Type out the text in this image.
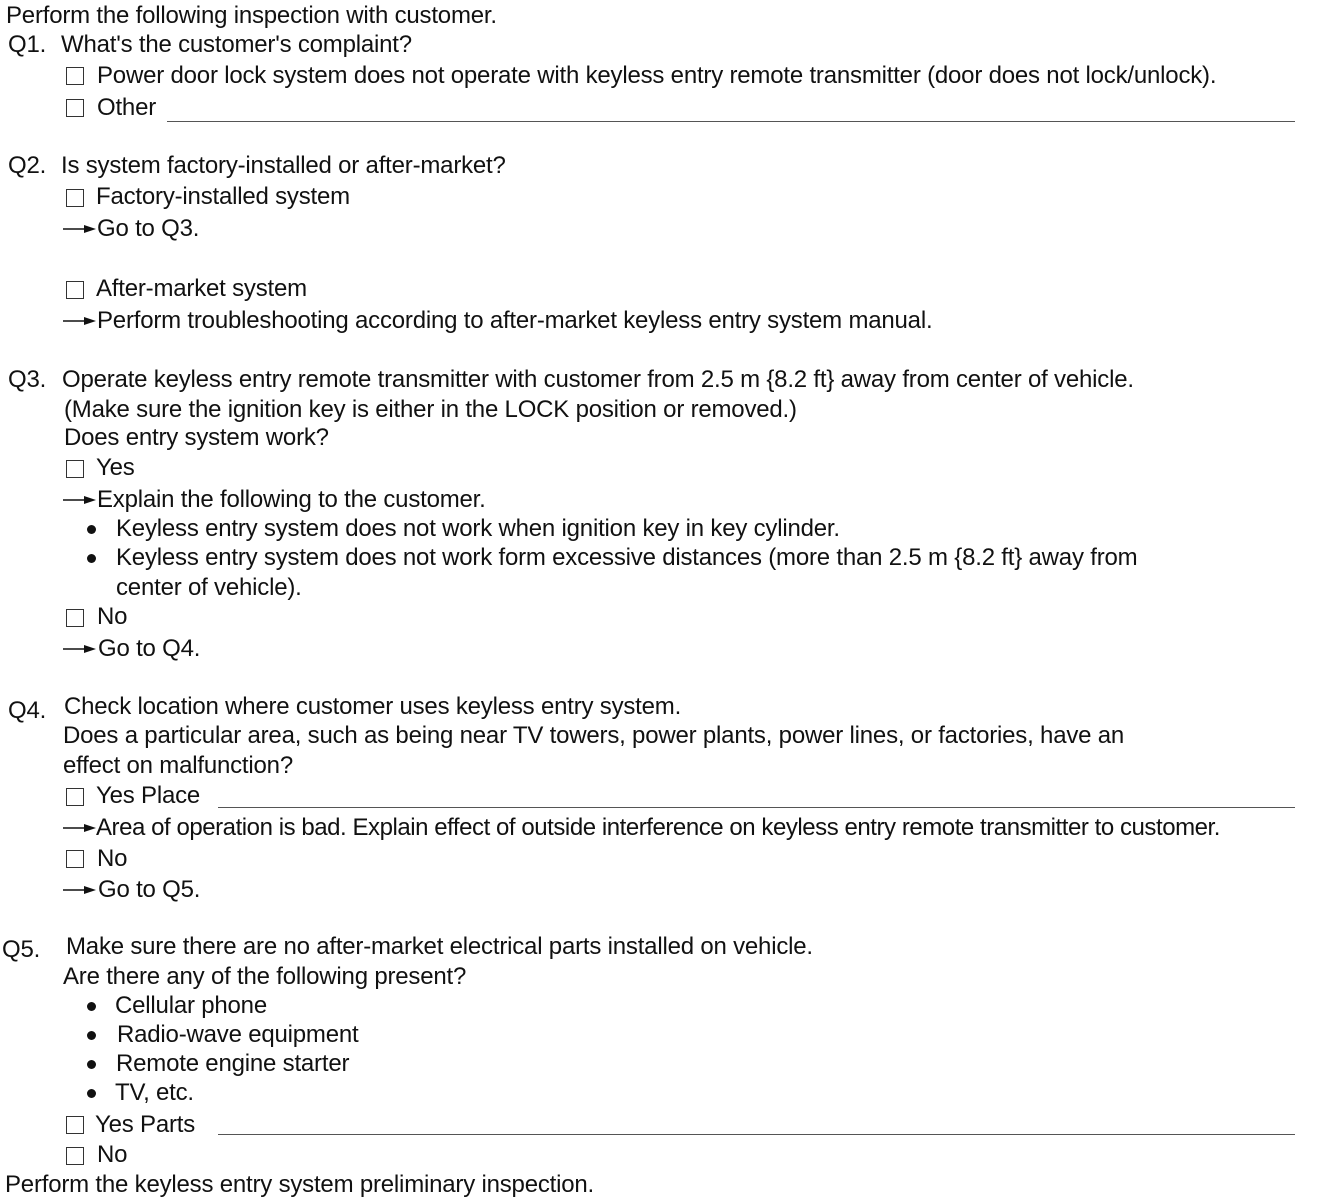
Perform the following inspection with customer.
Q1. What's the customer's complaint?
Power door lock system does not operate with keyless entry remote transmitter (door does not lock/unlock).
Other
Q2. Is system factory-installed or after-market?
Factory-installed system
Go to Q3.
After-market system
Perform troubleshooting according to after-market keyless entry system manual.
Q3. Operate keyless entry remote transmitter with customer from 2.5 m {8.2 ft} away from center of vehicle.
(Make sure the ignition key is either in the LOCK position or removed.)
Does entry system work?
Yes
Explain the following to the customer.
Keyless entry system does not work when ignition key in key cylinder.
Keyless entry system does not work form excessive distances (more than 2.5 m {8.2 ft} away from
center of vehicle).
No
Go to Q4.
Q4. Check location where customer uses keyless entry system.
Does a particular area, such as being near TV towers, power plants, power lines, or factories, have an
effect on malfunction?
Yes Place
Area of operation is bad. Explain effect of outside interference on keyless entry remote transmitter to customer.
No
Go to Q5.
Q5. Make sure there are no after-market electrical parts installed on vehicle.
Are there any of the following present?
Cellular phone
Radio-wave equipment
Remote engine starter
TV, etc.
Yes Parts
No
Perform the keyless entry system preliminary inspection.
